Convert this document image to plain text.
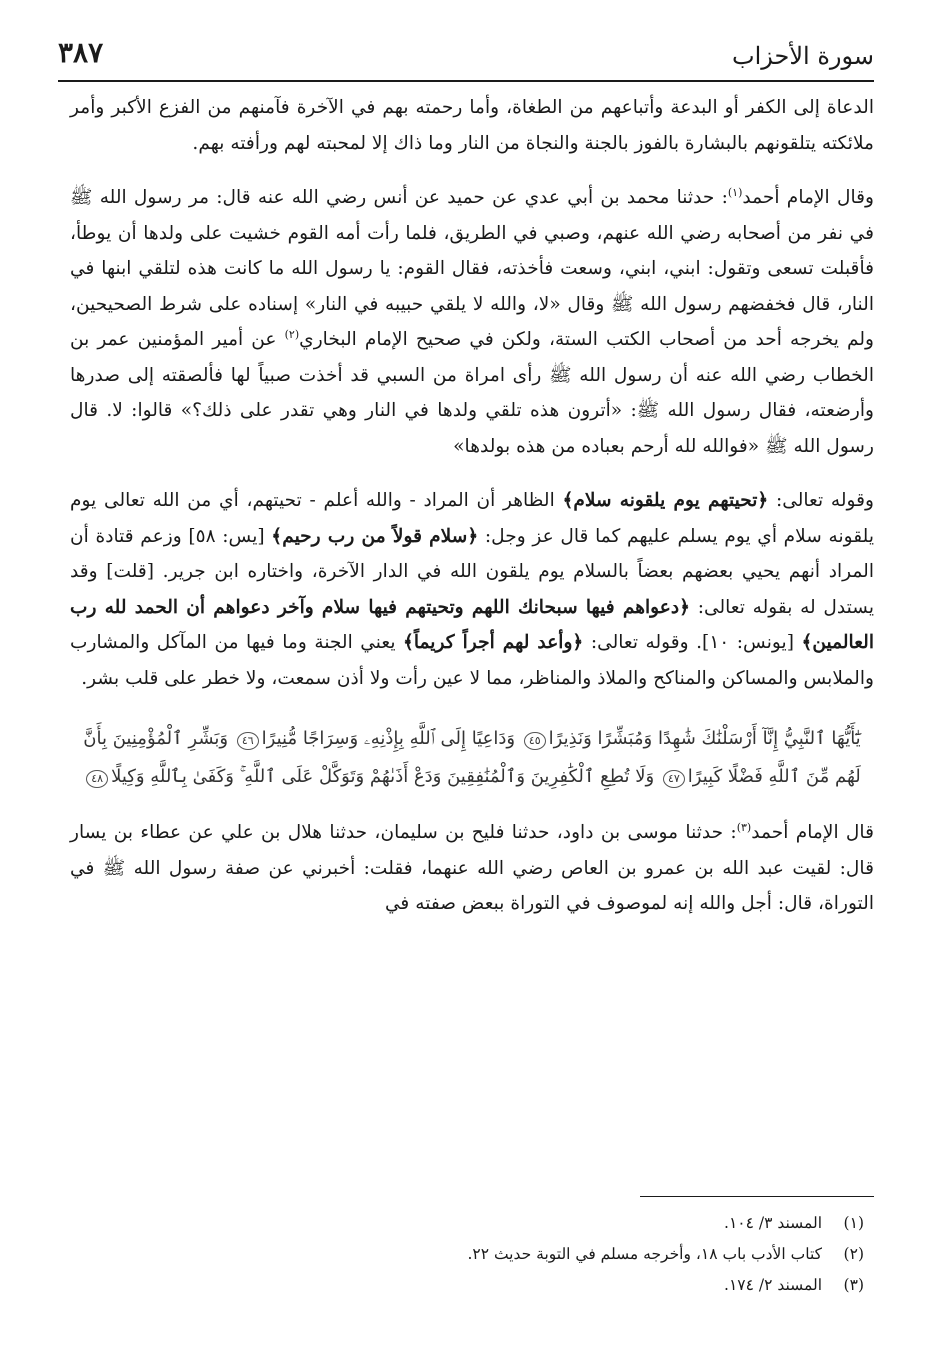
سورة الأحزاب
٣٨٧

الدعاة إلى الكفر أو البدعة وأتباعهم من الطغاة، وأما رحمته بهم في الآخرة فآمنهم من الفزع الأكبر وأمر ملائكته يتلقونهم بالبشارة بالفوز بالجنة والنجاة من النار وما ذاك إلا لمحبته لهم ورأفته بهم.

وقال الإمام أحمد$^{(١)}$: حدثنا محمد بن أبي عدي عن حميد عن أنس رضي الله عنه قال: مر رسول الله ﷺ في نفر من أصحابه رضي الله عنهم، وصبي في الطريق، فلما رأت أمه القوم خشيت على ولدها أن يوطأ، فأقبلت تسعى وتقول: ابني، ابني، وسعت فأخذته، فقال القوم: يا رسول الله ما كانت هذه لتلقي ابنها في النار، قال فخفضهم رسول الله ﷺ وقال «لا، والله لا يلقي حبيبه في النار» إسناده على شرط الصحيحين، ولم يخرجه أحد من أصحاب الكتب الستة، ولكن في صحيح الإمام البخاري$^{(٢)}$ عن أمير المؤمنين عمر بن الخطاب رضي الله عنه أن رسول الله ﷺ رأى امراة من السبي قد أخذت صبياً لها فألصقته إلى صدرها وأرضعته، فقال رسول الله ﷺ: «أترون هذه تلقي ولدها في النار وهي تقدر على ذلك؟» قالوا: لا. قال رسول الله ﷺ «فوالله لله أرحم بعباده من هذه بولدها»

وقوله تعالى: ﴿تحيتهم يوم يلقونه سلام﴾ الظاهر أن المراد - والله أعلم - تحيتهم، أي من الله تعالى يوم يلقونه سلام أي يوم يسلم عليهم كما قال عز وجل: ﴿سلام قولاً من رب رحيم﴾ [يس: ٥٨] وزعم قتادة أن المراد أنهم يحيي بعضهم بعضاً بالسلام يوم يلقون الله في الدار الآخرة، واختاره ابن جرير. [قلت] وقد يستدل له بقوله تعالى: ﴿دعواهم فيها سبحانك اللهم وتحيتهم فيها سلام وآخر دعواهم أن الحمد لله رب العالمين﴾ [يونس: ١٠]. وقوله تعالى: ﴿وأعد لهم أجراً كريماً﴾ يعني الجنة وما فيها من المآكل والمشارب والملابس والمساكن والمناكح والملاذ والمناظر، مما لا عين رأت ولا أذن سمعت، ولا خطر على قلب بشر.

يَٰٓأَيُّهَا ٱلنَّبِيُّ إِنَّآ أَرْسَلْنَٰكَ شَٰهِدًا وَمُبَشِّرًا وَنَذِيرًا٤٥ وَدَاعِيًا إِلَى ٱللَّهِ بِإِذْنِهِۦ وَسِرَاجًا مُّنِيرًا٤٦ وَبَشِّرِ ٱلْمُؤْمِنِينَ بِأَنَّ لَهُم مِّنَ ٱللَّهِ فَضْلًا كَبِيرًا٤٧ وَلَا تُطِعِ ٱلْكَٰفِرِينَ وَٱلْمُنَٰفِقِينَ وَدَعْ أَذَىٰهُمْ وَتَوَكَّلْ عَلَى ٱللَّهِ ۚ وَكَفَىٰ بِٱللَّهِ وَكِيلًا٤٨

قال الإمام أحمد$^{(٣)}$: حدثنا موسى بن داود، حدثنا فليح بن سليمان، حدثنا هلال بن علي عن عطاء بن يسار قال: لقيت عبد الله بن عمرو بن العاص رضي الله عنهما، فقلت: أخبرني عن صفة رسول الله ﷺ في التوراة، قال: أجل والله إنه لموصوف في التوراة ببعض صفته في

(١)المسند ٣/ ١٠٤.
(٢)كتاب الأدب باب ١٨، وأخرجه مسلم في التوبة حديث ٢٢.
(٣)المسند ٢/ ١٧٤.
